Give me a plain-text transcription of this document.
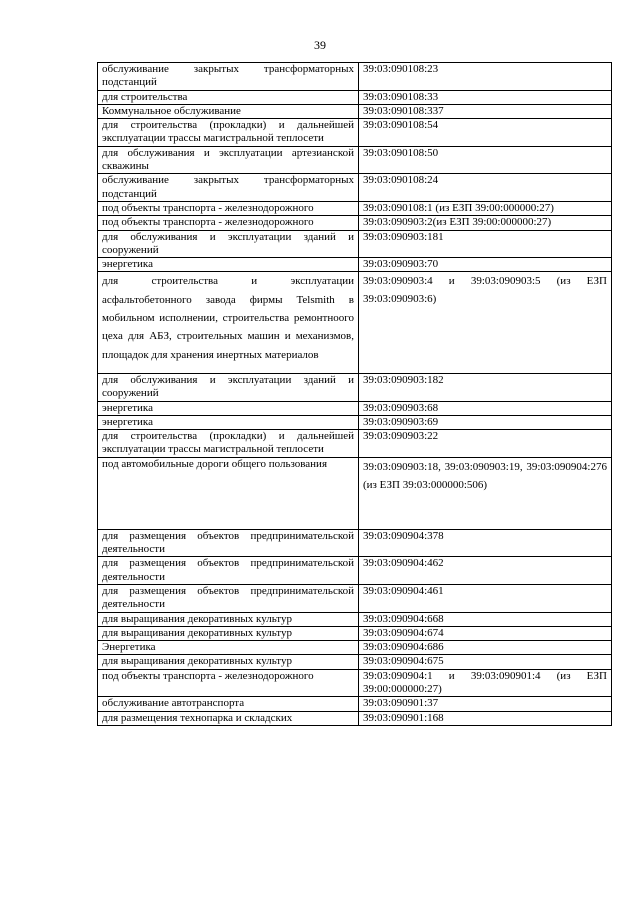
39
обслуживание закрытых трансформаторных подстанций	39:03:090108:23
для строительства	39:03:090108:33
Коммунальное обслуживание	39:03:090108:337
для строительства (прокладки) и дальнейшей эксплуатации трассы магистральной теплосети	39:03:090108:54
для обслуживания и эксплуатации артезианской скважины	39:03:090108:50
обслуживание закрытых трансформаторных подстанций	39:03:090108:24
под объекты транспорта - железнодорожного	39:03:090108:1 (из ЕЗП 39:00:000000:27)
под объекты транспорта - железнодорожного	39:03:090903:2(из ЕЗП 39:00:000000:27)
для обслуживания и эксплуатации зданий и сооружений	39:03:090903:181
энергетика	39:03:090903:70
для строительства и эксплуатации асфальтобетонного завода фирмы Telsmith в мобильном исполнении, строительства ремонтноого цеха для АБЗ, строительных машин и механизмов, площадок для хранения инертных материалов	39:03:090903:4 и 39:03:090903:5 (из ЕЗП 39:03:090903:6)
для обслуживания и эксплуатации зданий и сооружений	39:03:090903:182
энергетика	39:03:090903:68
энергетика	39:03:090903:69
для строительства (прокладки) и дальнейшей эксплуатации трассы магистральной теплосети	39:03:090903:22
под автомобильные дороги общего пользования	39:03:090903:18, 39:03:090903:19, 39:03:090904:276 (из ЕЗП 39:03:000000:506)
для размещения объектов предпринимательской деятельности	39:03:090904:378
для размещения объектов предпринимательской деятельности	39:03:090904:462
для размещения объектов предпринимательской деятельности	39:03:090904:461
для выращивания декоративных культур	39:03:090904:668
для выращивания декоративных культур	39:03:090904:674
Энергетика	39:03:090904:686
для выращивания декоративных культур	39:03:090904:675
под объекты транспорта - железнодорожного	39:03:090904:1 и 39:03:090901:4 (из ЕЗП 39:00:000000:27)
обслуживание автотранспорта	39:03:090901:37
для размещения технопарка и складских	39:03:090901:168
